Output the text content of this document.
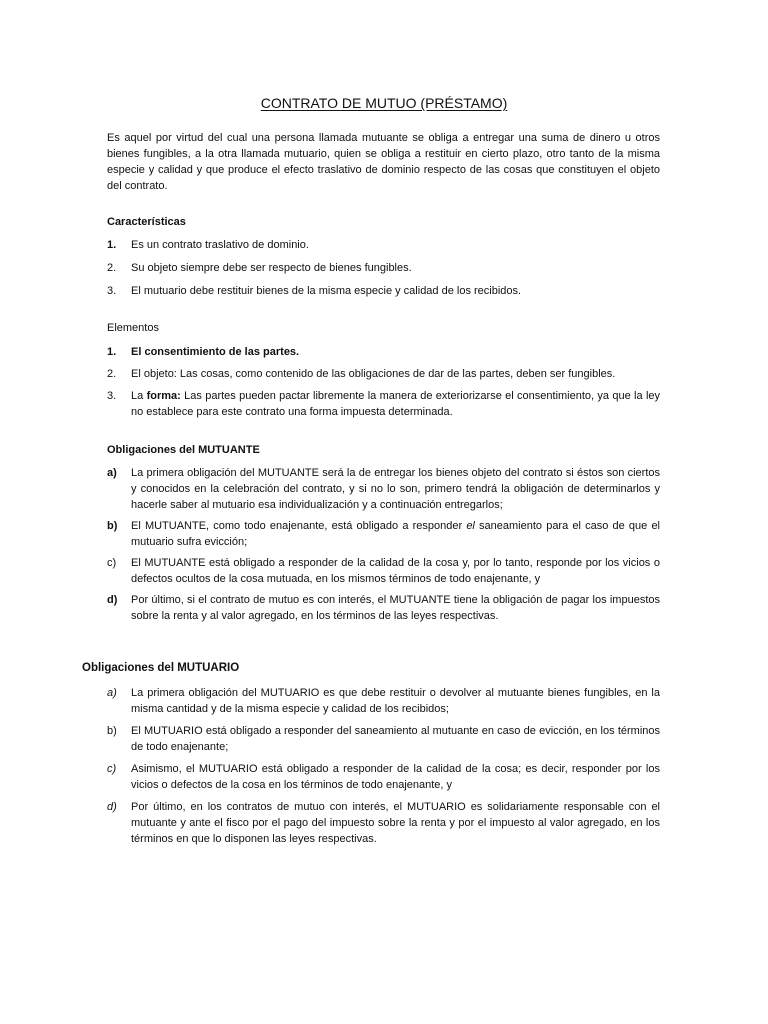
CONTRATO DE MUTUO (PRÉSTAMO)
Es aquel por virtud del cual una persona llamada mutuante se obliga a entregar una suma de dinero u otros bienes fungibles, a la otra llamada mutuario, quien se obliga a restituir en cierto plazo, otro tanto de la misma especie y calidad y que produce el efecto traslativo de dominio respecto de las cosas que constituyen el objeto del contrato.
Características
1. Es un contrato traslativo de dominio.
2. Su objeto siempre debe ser respecto de bienes fungibles.
3. El mutuario debe restituir bienes de la misma especie y calidad de los recibidos.
Elementos
1. El consentimiento de las partes.
2. El objeto: Las cosas, como contenido de las obligaciones de dar de las partes, deben ser fungibles.
3. La forma: Las partes pueden pactar libremente la manera de exteriorizarse el consentimiento, ya que la ley no establece para este contrato una forma impuesta determinada.
Obligaciones del MUTUANTE
a) La primera obligación del MUTUANTE será la de entregar los bienes objeto del contrato si éstos son ciertos y conocidos en la celebración del contrato, y si no lo son, primero tendrá la obligación de determinarlos y hacerle saber al mutuario esa individualización y a continuación entregarlos;
b) El MUTUANTE, como todo enajenante, está obligado a responder el saneamiento para el caso de que el mutuario sufra evicción;
c) El MUTUANTE está obligado a responder de la calidad de la cosa y, por lo tanto, responde por los vicios o defectos ocultos de la cosa mutuada, en los mismos términos de todo enajenante, y
d) Por último, si el contrato de mutuo es con interés, el MUTUANTE tiene la obligación de pagar los impuestos sobre la renta y al valor agregado, en los términos de las leyes respectivas.
Obligaciones del MUTUARIO
a) La primera obligación del MUTUARIO es que debe restituir o devolver al mutuante bienes fungibles, en la misma cantidad y de la misma especie y calidad de los recibidos;
b) El MUTUARIO está obligado a responder del saneamiento al mutuante en caso de evicción, en los términos de todo enajenante;
c) Asimismo, el MUTUARIO está obligado a responder de la calidad de la cosa; es decir, responder por los vicios o defectos de la cosa en los términos de todo enajenante, y
d) Por último, en los contratos de mutuo con interés, el MUTUARIO es solidariamente responsable con el mutuante y ante el fisco por el pago del impuesto sobre la renta y por el impuesto al valor agregado, en los términos en que lo disponen las leyes respectivas.
